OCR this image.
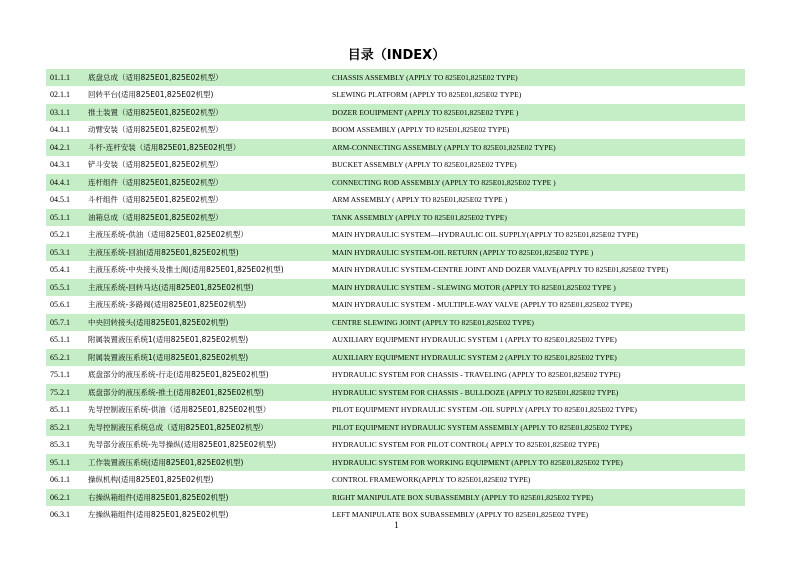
目录（INDEX）
01.1.1	底盘总成（适用825E01,825E02机型）	CHASSIS ASSEMBLY (APPLY TO 825E01,825E02 TYPE)
02.1.1	回转平台(适用825E01,825E02机型)	SLEWING PLATFORM (APPLY TO 825E01,825E02 TYPE)
03.1.1	推土装置（适用825E01,825E02机型）	DOZER EOUIPMENT (APPLY TO 825E01,825E02 TYPE )
04.1.1	动臂安装（适用825E01,825E02机型）	BOOM ASSEMBLY (APPLY TO 825E01,825E02 TYPE)
04.2.1	斗杆-连杆安装（适用825E01,825E02机型）	ARM-CONNECTING ASSEMBLY (APPLY TO 825E01,825E02 TYPE)
04.3.1	铲斗安装（适用825E01,825E02机型）	BUCKET ASSEMBLY (APPLY TO 825E01,825E02 TYPE)
04.4.1	连杆组件（适用825E01,825E02机型）	CONNECTING ROD ASSEMBLY (APPLY TO 825E01,825E02 TYPE )
04.5.1	斗杆组件（适用825E01,825E02机型）	ARM ASSEMBLY ( APPLY TO 825E01,825E02 TYPE )
05.1.1	油箱总成（适用825E01,825E02机型）	TANK ASSEMBLY (APPLY TO 825E01,825E02 TYPE)
05.2.1	主液压系统-供油（适用825E01,825E02机型）	MAIN HYDRAULIC SYSTEM—HYDRAULIC OIL SUPPLY(APPLY TO 825E01,825E02 TYPE)
05.3.1	主液压系统-回油(适用825E01,825E02机型)	MAIN HYDRAULIC SYSTEM-OIL RETURN (APPLY TO 825E01,825E02 TYPE )
05.4.1	主液压系统-中央接头及推土阀(适用825E01,825E02机型)	MAIN HYDRAULIC SYSTEM-CENTRE JOINT AND DOZER VALVE(APPLY TO 825E01,825E02 TYPE)
05.5.1	主液压系统-回转马达(适用825E01,825E02机型)	MAIN HYDRAULIC SYSTEM - SLEWING MOTOR (APPLY TO 825E01,825E02 TYPE )
05.6.1	主液压系统-多路阀(适用825E01,825E02机型)	MAIN HYDRAULIC SYSTEM - MULTIPLE-WAY VALVE (APPLY TO 825E01,825E02 TYPE)
05.7.1	中央回转接头(适用825E01,825E02机型)	CENTRE SLEWING JOINT (APPLY TO 825E01,825E02 TYPE)
65.1.1	附属装置液压系统1(适用825E01,825E02机型)	AUXILIARY EQUIPMENT HYDRAULIC SYSTEM 1 (APPLY TO 825E01,825E02 TYPE)
65.2.1	附属装置液压系统1(适用825E01,825E02机型)	AUXILIARY EQUIPMENT HYDRAULIC SYSTEM 2 (APPLY TO 825E01,825E02 TYPE)
75.1.1	底盘部分的液压系统-行走(适用825E01,825E02机型)	HYDRAULIC SYSTEM FOR CHASSIS - TRAVELING (APPLY TO 825E01,825E02 TYPE)
75.2.1	底盘部分的液压系统-推土(适用82E01,825E02机型)	HYDRAULIC SYSTEM FOR CHASSIS - BULLDOZE (APPLY TO 825E01,825E02 TYPE)
85.1.1	先导控制液压系统-供油（适用825E01,825E02机型）	PILOT EQUIPMENT HYDRAULIC SYSTEM -OIL SUPPLY (APPLY TO 825E01,825E02 TYPE)
85.2.1	先导控制液压系统总成（适用825E01,825E02机型）	PILOT EQUIPMENT HYDRAULIC SYSTEM ASSEMBLY (APPLY TO 825E01,825E02 TYPE)
85.3.1	先导部分液压系统-先导操纵(适用825E01,825E02机型)	HYDRAULIC SYSTEM FOR PILOT CONTROL( APPLY TO 825E01,825E02 TYPE)
95.1.1	工作装置液压系统(适用825E01,825E02机型)	HYDRAULIC SYSTEM FOR WORKING EQUIPMENT (APPLY TO 825E01,825E02 TYPE)
06.1.1	操纵机构(适用825E01,825E02机型)	CONTROL FRAMEWORK(APPLY TO 825E01,825E02 TYPE)
06.2.1	右操纵箱组件(适用825E01,825E02机型)	RIGHT MANIPULATE BOX SUBASSEMBLY (APPLY TO 825E01,825E02 TYPE)
06.3.1	左操纵箱组件(适用825E01,825E02机型)	LEFT MANIPULATE BOX SUBASSEMBLY (APPLY TO 825E01,825E02 TYPE)
1
